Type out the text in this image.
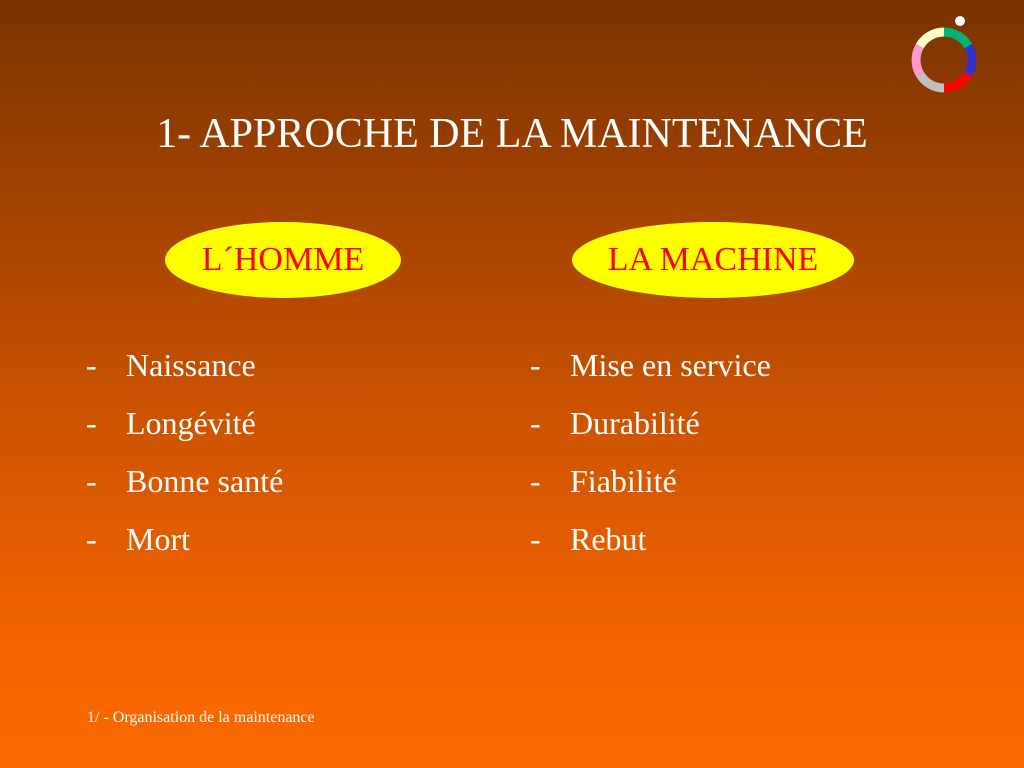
1- APPROCHE DE LA MAINTENANCE
L´HOMME	LA MACHINE
- Naissance
- Longévité
- Bonne santé
- Mort
- Mise en service
- Durabilité
- Fiabilité
- Rebut
1/ - Organisation de la maintenance
